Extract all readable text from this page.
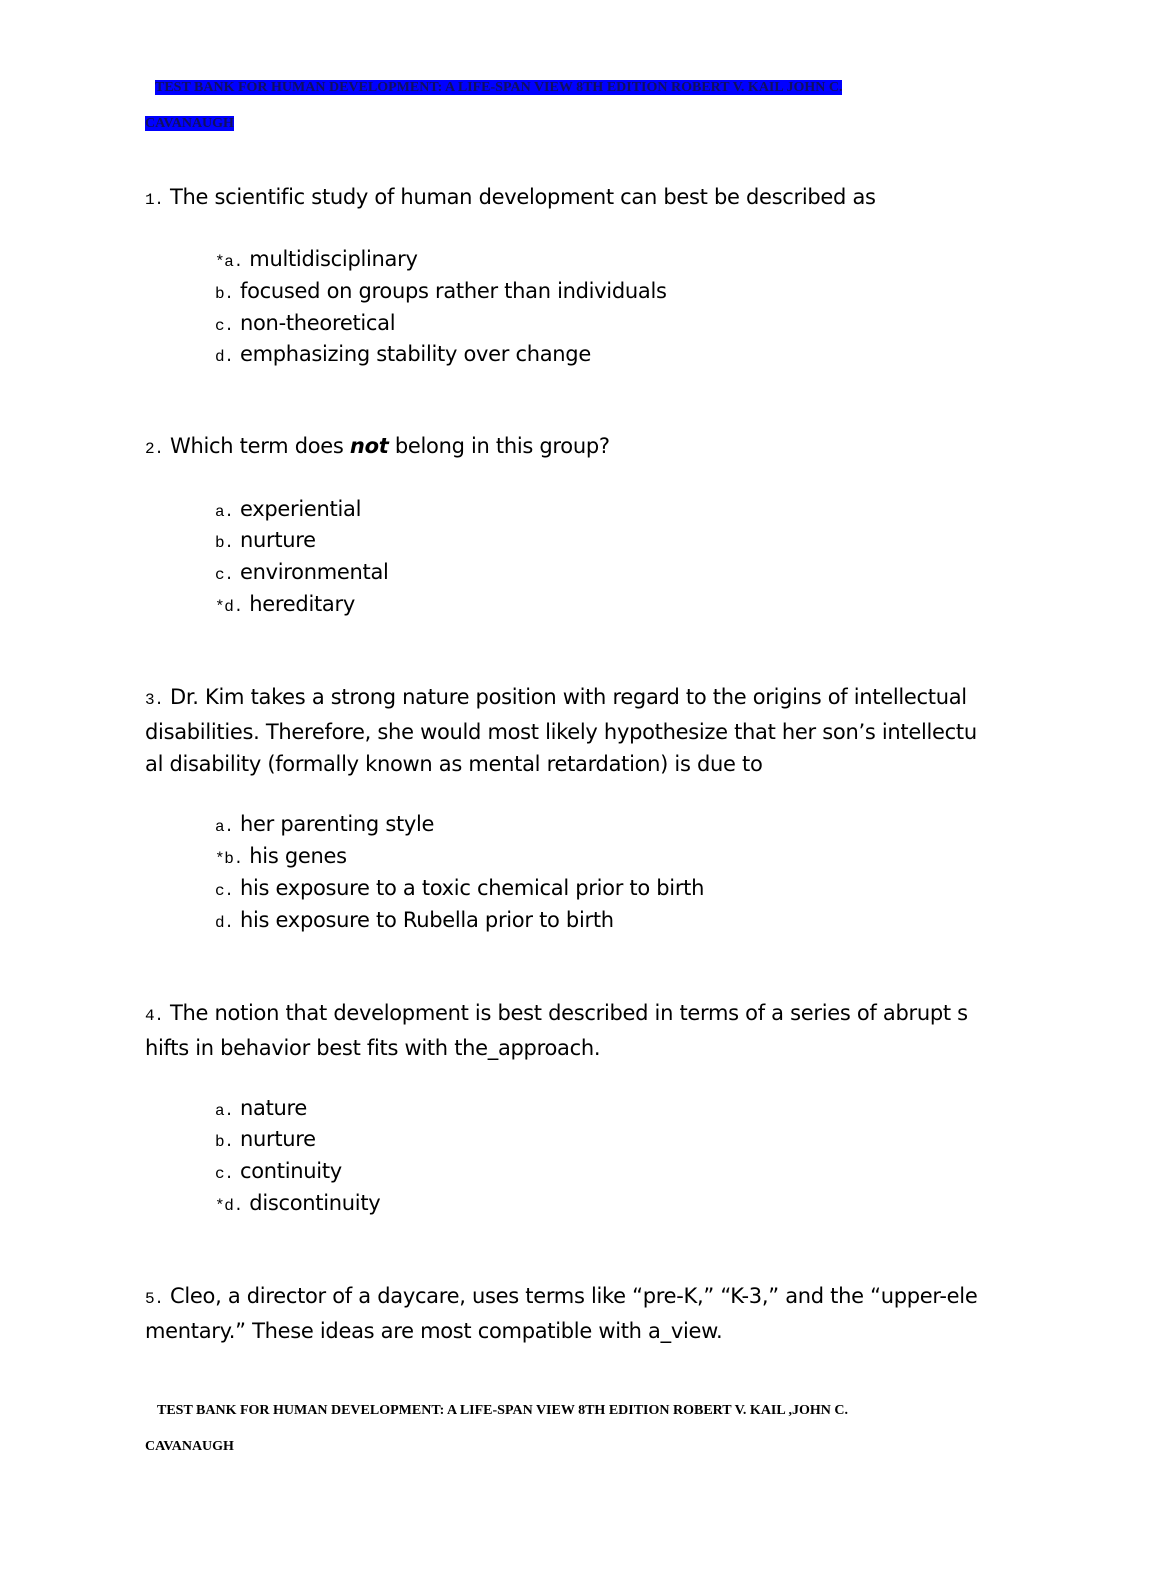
TEST BANK FOR HUMAN DEVELOPMENT: A LIFE-SPAN VIEW 8TH EDITION ROBERT V. KAIL JOHN C.
CAVANAUGH
1. The scientific study of human development can best be described as
*a. multidisciplinary
b. focused on groups rather than individuals
c. non-theoretical
d. emphasizing stability over change
2. Which term does not belong in this group?
a. experiential
b. nurture
c. environmental
*d. hereditary
3. Dr. Kim takes a strong nature position with regard to the origins of intellectual
disabilities. Therefore, she would most likely hypothesize that her son’s intellectu
al disability (formally known as mental retardation) is due to
a. her parenting style
*b. his genes
c. his exposure to a toxic chemical prior to birth
d. his exposure to Rubella prior to birth
4. The notion that development is best described in terms of a series of abrupt s
hifts in behavior best fits with the_approach.
a. nature
b. nurture
c. continuity
*d. discontinuity
5. Cleo, a director of a daycare, uses terms like “pre-K,” “K-3,” and the “upper-ele
mentary.” These ideas are most compatible with a_view.
TEST BANK FOR HUMAN DEVELOPMENT: A LIFE-SPAN VIEW 8TH EDITION ROBERT V. KAIL ,JOHN C.
CAVANAUGH
